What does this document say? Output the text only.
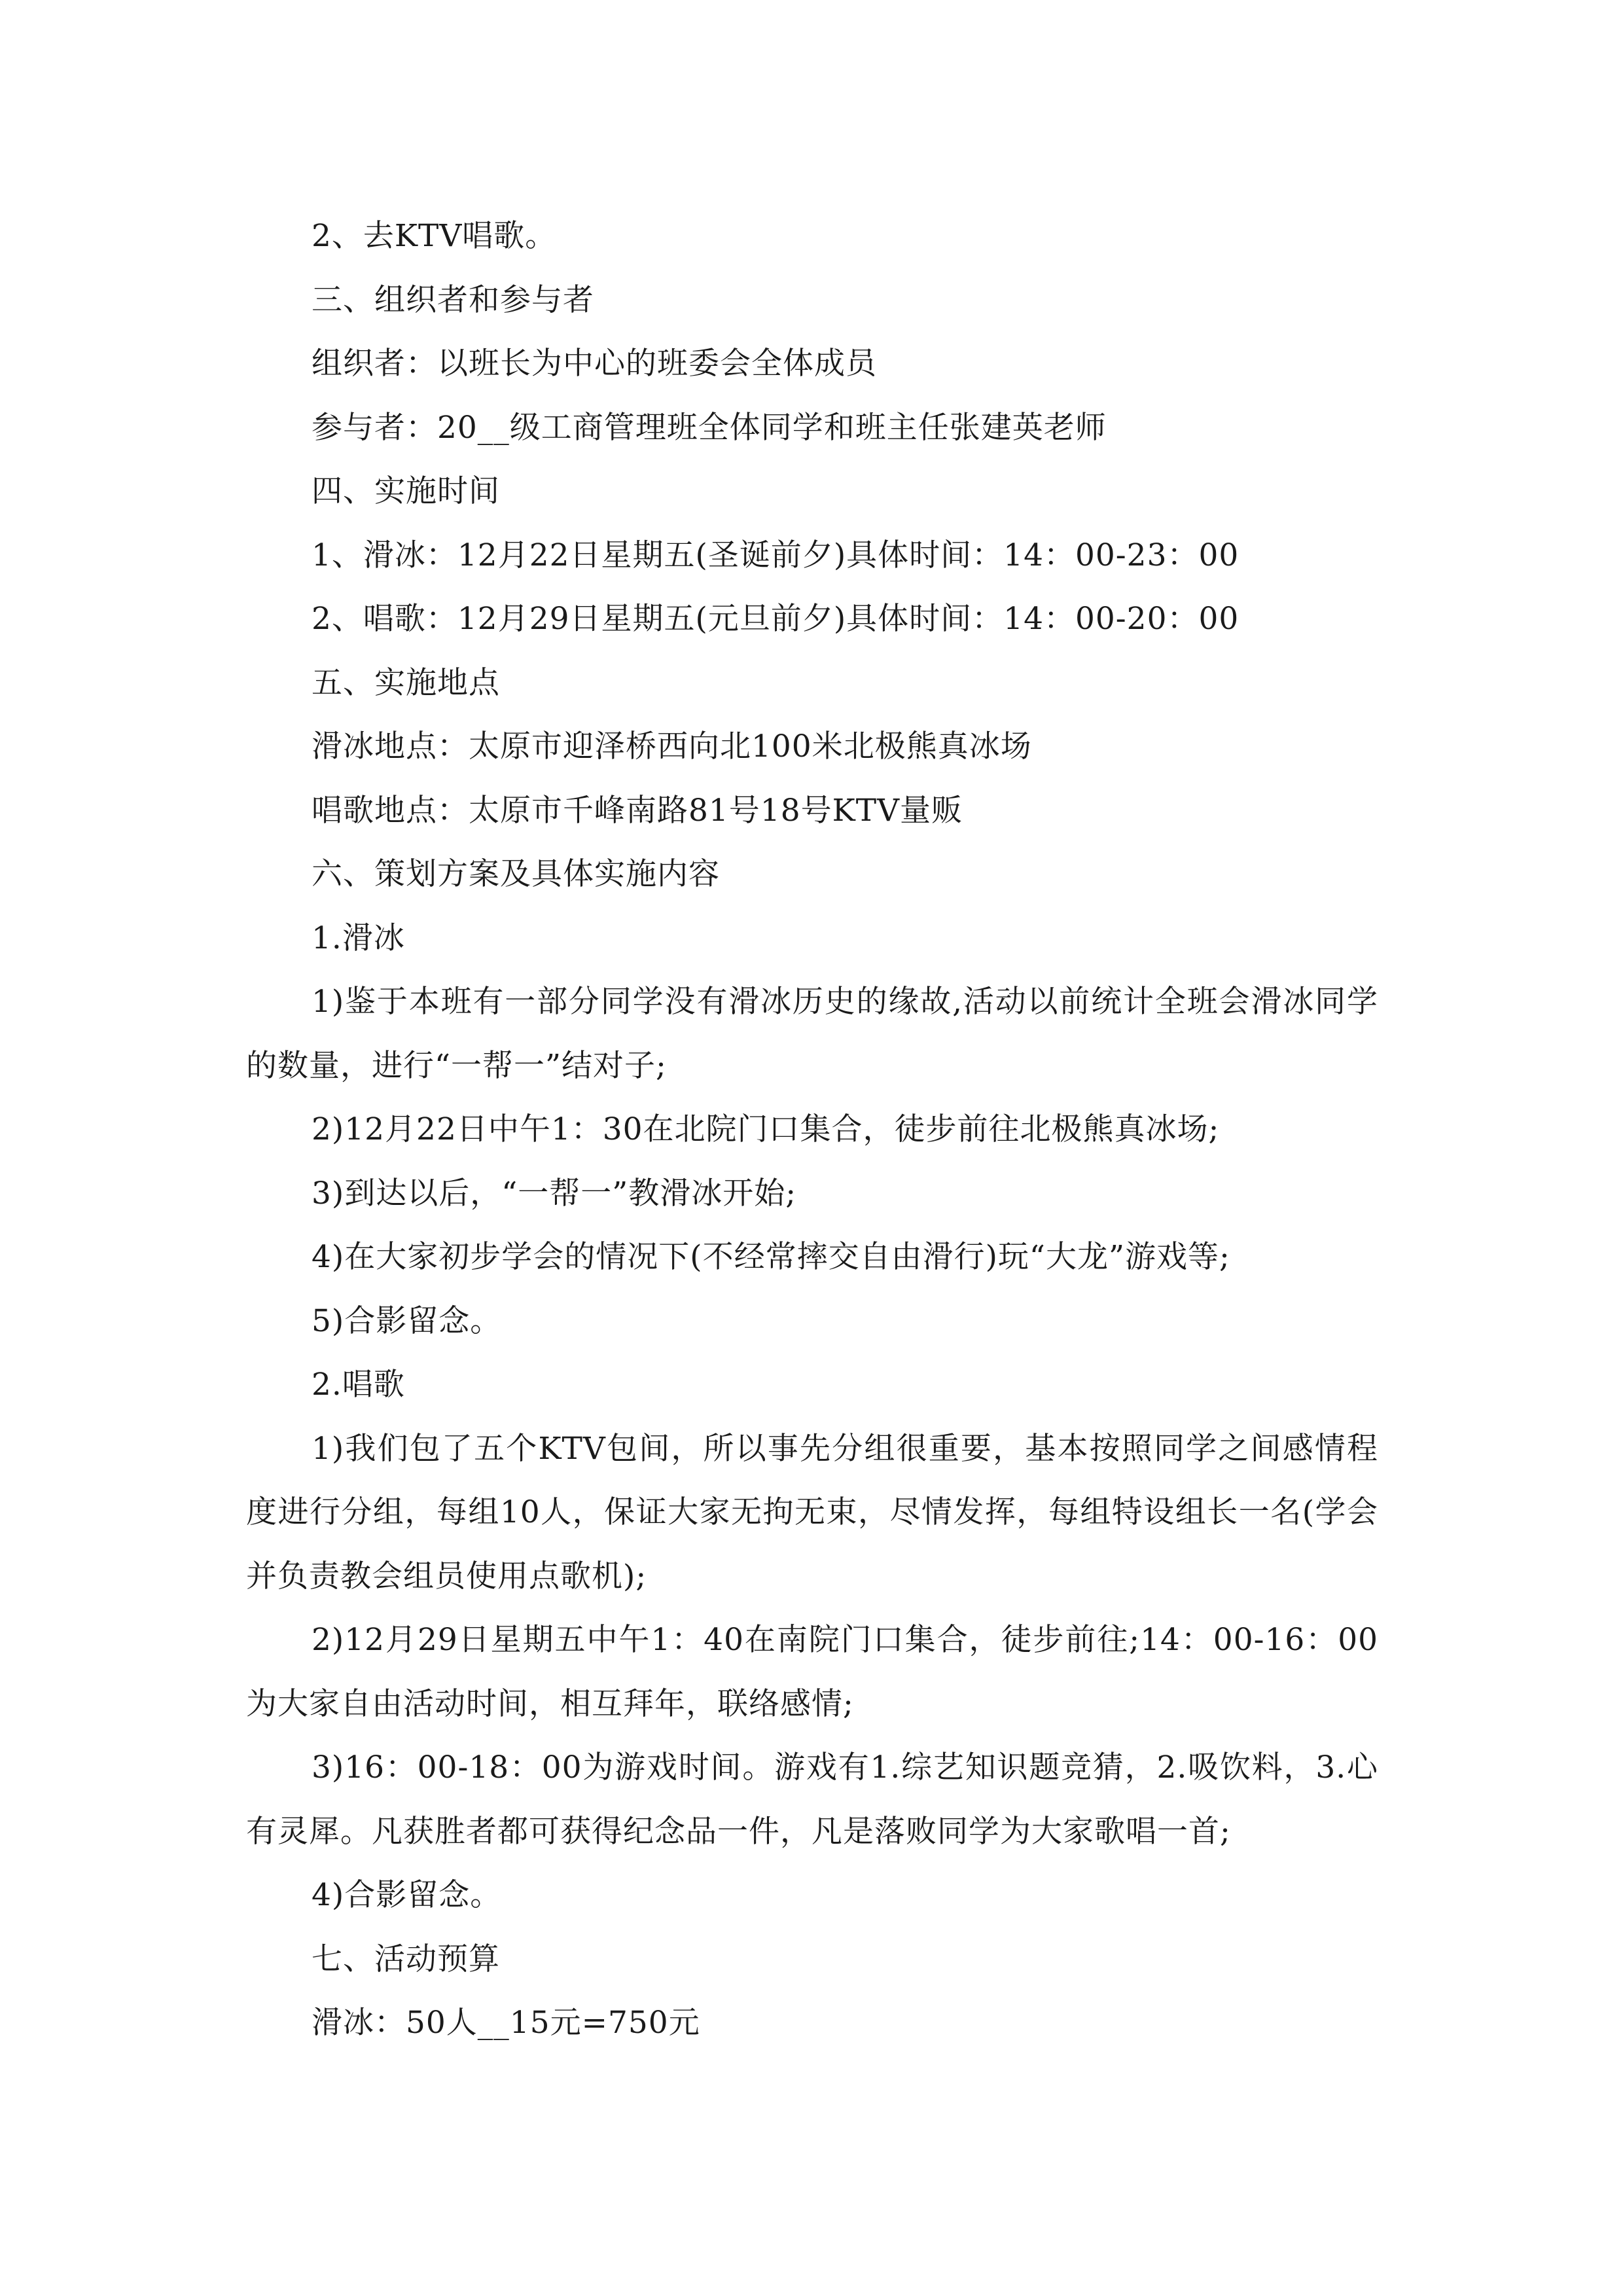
2、去KTV唱歌。
三、组织者和参与者
组织者：以班长为中心的班委会全体成员
参与者：20__级工商管理班全体同学和班主任张建英老师
四、实施时间
1、滑冰：12月22日星期五(圣诞前夕)具体时间：14：00-23：00
2、唱歌：12月29日星期五(元旦前夕)具体时间：14：00-20：00
五、实施地点
滑冰地点：太原市迎泽桥西向北100米北极熊真冰场
唱歌地点：太原市千峰南路81号18号KTV量贩
六、策划方案及具体实施内容
1.滑冰

1)鉴于本班有一部分同学没有滑冰历史的缘故,活动以前统计全班会滑冰同学的数量，进行“一帮一”结对子;

2)12月22日中午1：30在北院门口集合，徒步前往北极熊真冰场;

3)到达以后，“一帮一”教滑冰开始;

4)在大家初步学会的情况下(不经常摔交自由滑行)玩“大龙”游戏等;

5)合影留念。

2.唱歌

1)我们包了五个KTV包间，所以事先分组很重要，基本按照同学之间感情程度进行分组，每组10人，保证大家无拘无束，尽情发挥，每组特设组长一名(学会并负责教会组员使用点歌机);

2)12月29日星期五中午1：40在南院门口集合，徒步前往;14：00-16：00为大家自由活动时间，相互拜年，联络感情;

3)16：00-18：00为游戏时间。游戏有1.综艺知识题竞猜，2.吸饮料，3.心有灵犀。凡获胜者都可获得纪念品一件，凡是落败同学为大家歌唱一首;

4)合影留念。

七、活动预算
滑冰：50人__15元=750元
